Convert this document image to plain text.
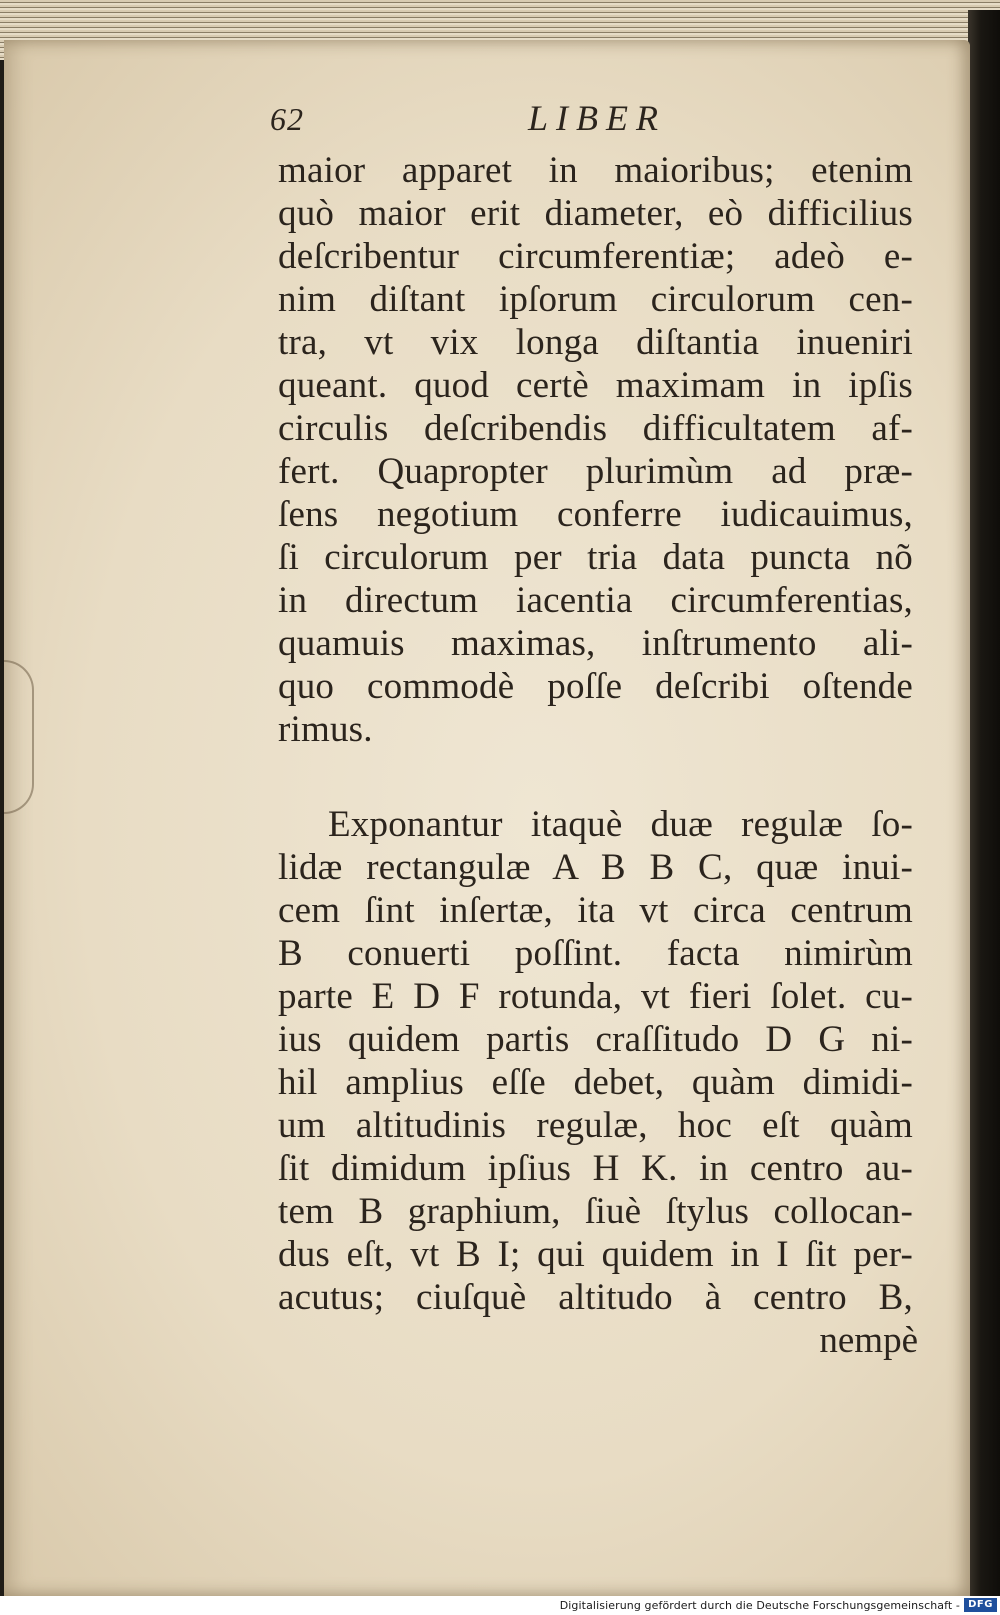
62	LIBER
maior apparet in maioribus; etenim
quò maior erit diameter, eò difficilius
deſcribentur circumferentiæ; adeò e-
nim diſtant ipſorum circulorum cen-
tra, vt vix longa diſtantia inueniri
queant. quod certè maximam in ipſis
circulis deſcribendis difficultatem af-
fert. Quapropter plurimùm ad præ-
ſens negotium conferre iudicauimus,
ſi circulorum per tria data puncta nõ
in directum iacentia circumferentias,
quamuis maximas, inſtrumento ali-
quo commodè poſſe deſcribi oſtende
rimus.
Exponantur itaquè duæ regulæ ſo-
lidæ rectangulæ A B B C, quæ inui-
cem ſint inſertæ, ita vt circa centrum
B conuerti poſſint. facta nimirùm
parte E D F rotunda, vt fieri ſolet. cu-
ius quidem partis craſſitudo D G ni-
hil amplius eſſe debet, quàm dimidi-
um altitudinis regulæ, hoc eſt quàm
ſit dimidum ipſius H K. in centro au-
tem B graphium, ſiuè ſtylus collocan-
dus eſt, vt B I; qui quidem in I ſit per-
acutus; ciuſquè altitudo à centro B,
nempè
Digitalisierung gefördert durch die Deutsche Forschungsgemeinschaft - DFG
